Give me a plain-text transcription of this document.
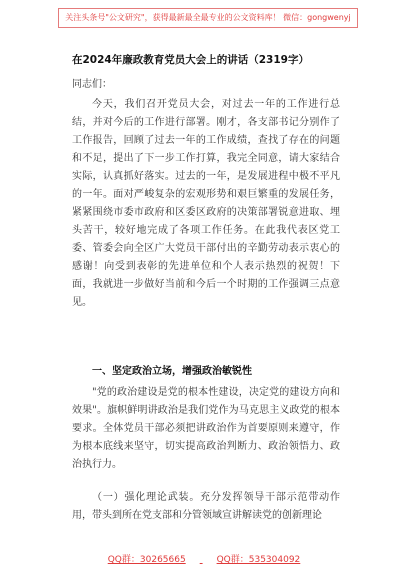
关注头条号"公文研究"，获得最新最全最专业的公文资料库！ 微信：gongwenyj
在2024年廉政教育党员大会上的讲话（2319字）
同志们：
今天，我们召开党员大会，对过去一年的工作进行总结，并对今后的工作进行部署。刚才，各支部书记分别作了工作报告，回顾了过去一年的工作成绩，查找了存在的问题和不足，提出了下一步工作打算，我完全同意，请大家结合实际，认真抓好落实。过去的一年，是发展进程中极不平凡的一年。面对严峻复杂的宏观形势和艰巨繁重的发展任务，紧紧围绕市委市政府和区委区政府的决策部署锐意进取、埋头苦干，较好地完成了各项工作任务。在此我代表区党工委、管委会向全区广大党员干部付出的辛勤劳动表示衷心的感谢！向受到表彰的先进单位和个人表示热烈的祝贺！下面，我就进一步做好当前和今后一个时期的工作强调三点意见。
一、坚定政治立场，增强政治敏锐性
"党的政治建设是党的根本性建设，决定党的建设方向和效果"。旗帜鲜明讲政治是我们党作为马克思主义政党的根本要求。全体党员干部必须把讲政治作为首要原则来遵守，作为根本底线来坚守，切实提高政治判断力、政治领悟力、政治执行力。
（一）强化理论武装。充分发挥领导干部示范带动作用，带头到所在党支部和分管领域宣讲解读党的创新理论
QQ群：30265665	QQ群：535304092
